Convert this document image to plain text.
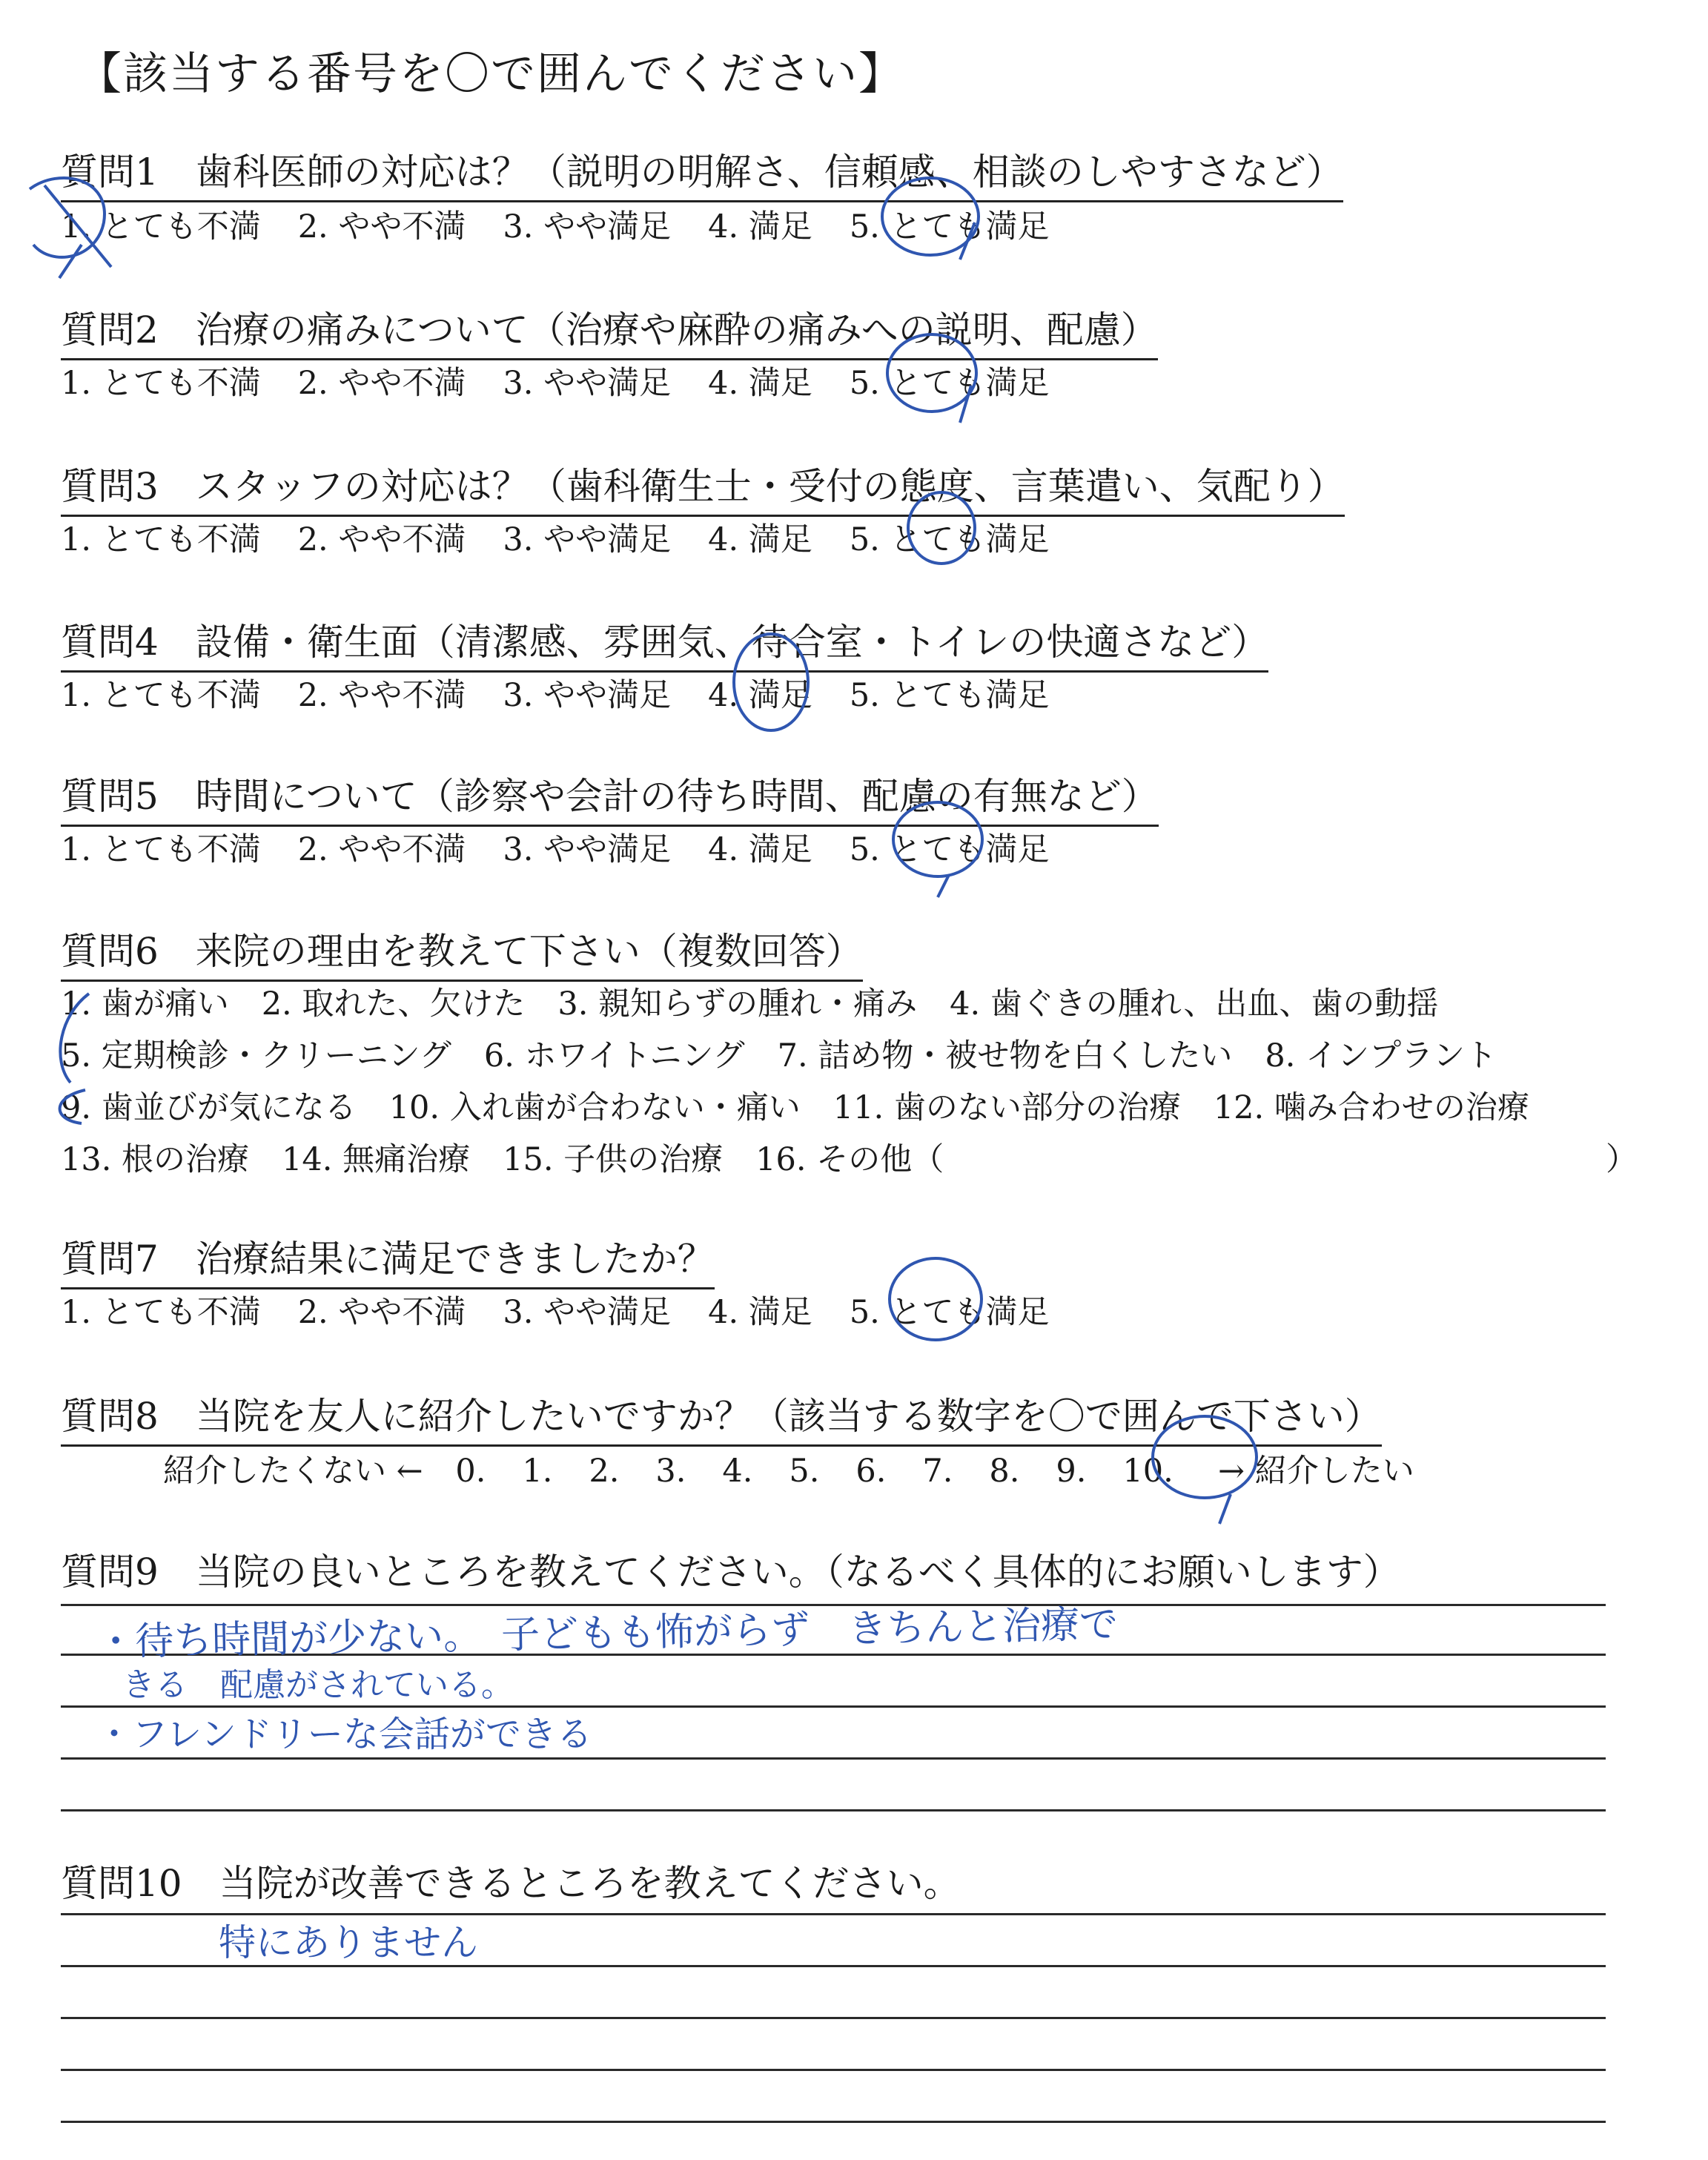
【該当する番号を〇で囲んでください】
質問1　歯科医師の対応は？（説明の明解さ、信頼感、相談のしやすさなど）
1. とても不満 2. やや不満 3. やや満足 4. 満足 5. とても満足
質問2　治療の痛みについて（治療や麻酔の痛みへの説明、配慮）
1. とても不満 2. やや不満 3. やや満足 4. 満足 5. とても満足
質問3　スタッフの対応は？（歯科衛生士・受付の態度、言葉遣い、気配り）
1. とても不満 2. やや不満 3. やや満足 4. 満足 5. とても満足
質問4　設備・衛生面（清潔感、雰囲気、待合室・トイレの快適さなど）
1. とても不満 2. やや不満 3. やや満足 4. 満足 5. とても満足
質問5　時間について（診察や会計の待ち時間、配慮の有無など）
1. とても不満 2. やや不満 3. やや満足 4. 満足 5. とても満足
質問6　来院の理由を教えて下さい（複数回答）
1. 歯が痛い 2. 取れた、欠けた 3. 親知らずの腫れ・痛み 4. 歯ぐきの腫れ、出血、歯の動揺
5. 定期検診・クリーニング 6. ホワイトニング 7. 詰め物・被せ物を白くしたい 8. インプラント
9. 歯並びが気になる 10. 入れ歯が合わない・痛い 11. 歯のない部分の治療 12. 噛み合わせの治療
13. 根の治療 14. 無痛治療 15. 子供の治療 16. その他（	）
質問7　治療結果に満足できましたか？
1. とても不満 2. やや不満 3. やや満足 4. 満足 5. とても満足
質問8　当院を友人に紹介したいですか？（該当する数字を〇で囲んで下さい）
紹介したくない ← 0. 1. 2. 3. 4. 5. 6. 7. 8. 9. 10. → 紹介したい
質問9　当院の良いところを教えてください。（なるべく具体的にお願いします）
質問10　当院が改善できるところを教えてください。
・待ち時間が少ない。　子どもも怖がらず　きちんと治療で
きる　配慮がされている。
・フレンドリーな会話ができる
特にありません
